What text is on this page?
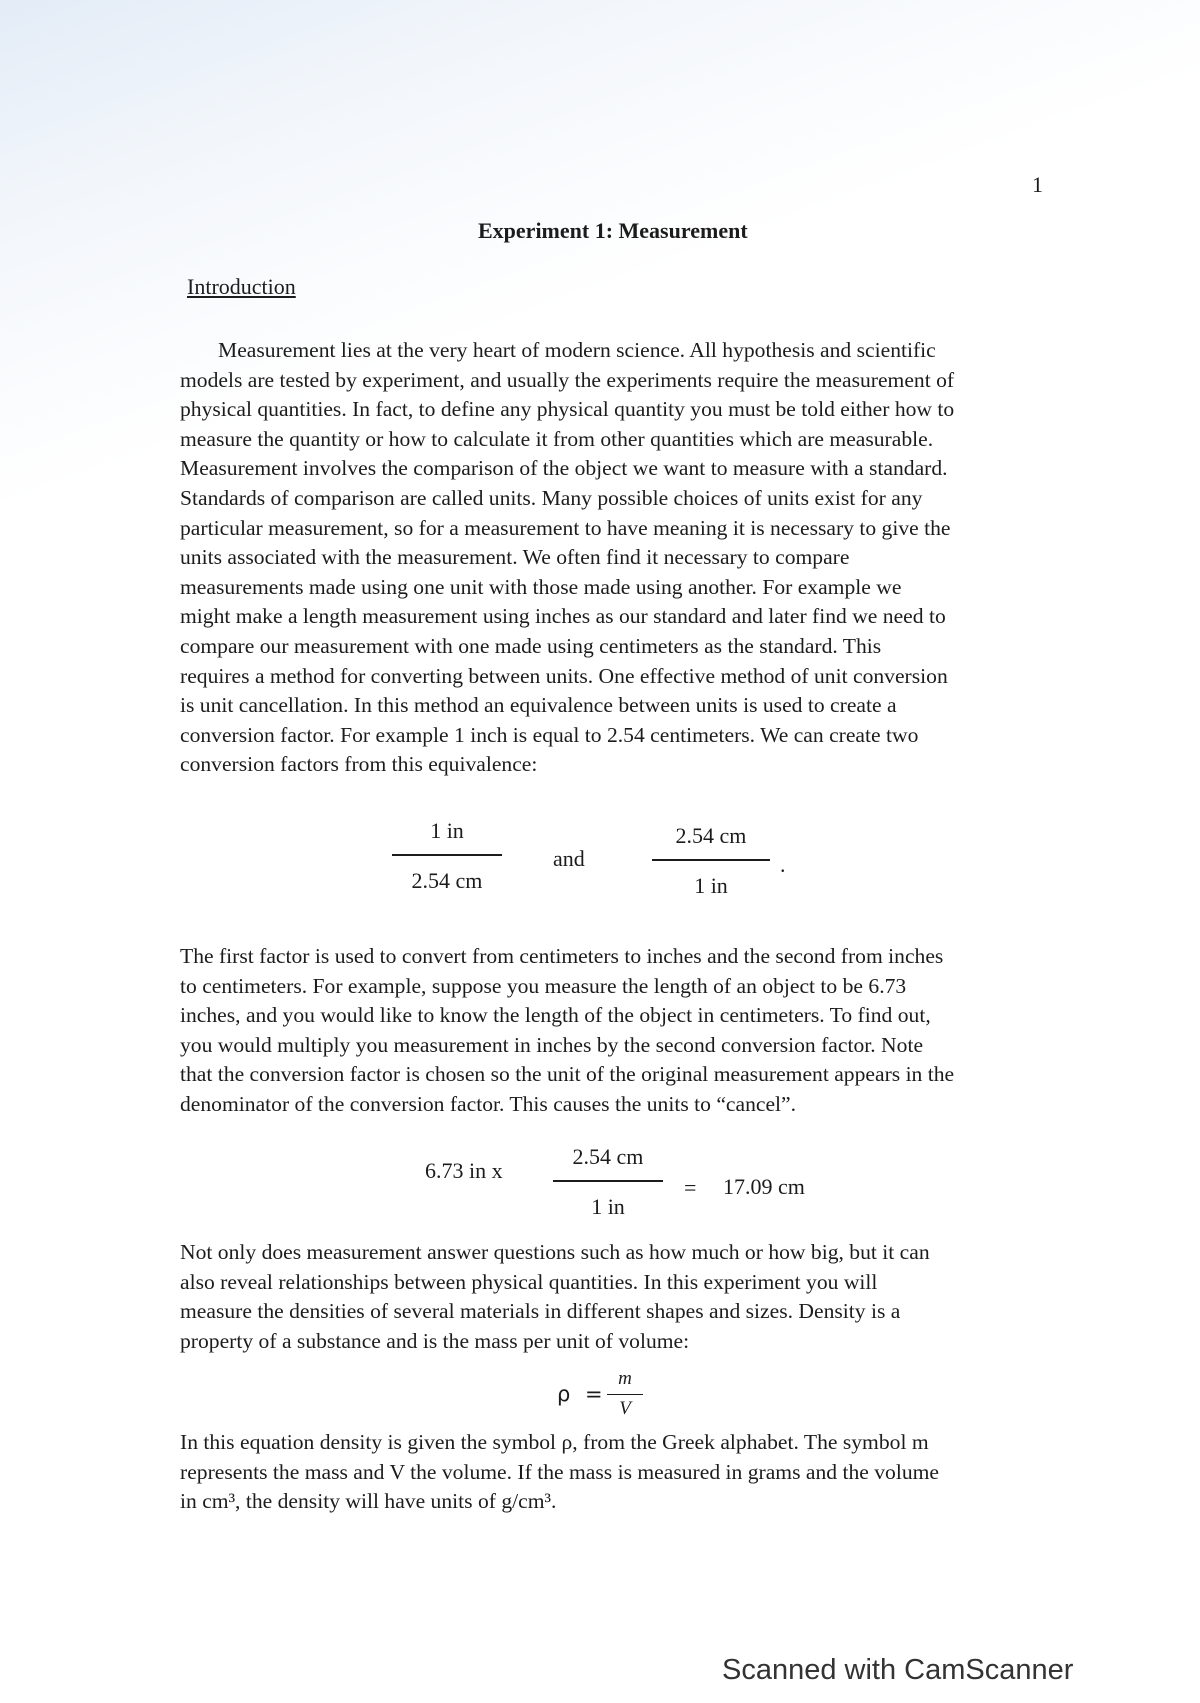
1
Experiment 1: Measurement
Introduction

Measurement lies at the very heart of modern science. All hypothesis and scientific

models are tested by experiment, and usually the experiments require the measurement of

physical quantities. In fact, to define any physical quantity you must be told either how to

measure the quantity or how to calculate it from other quantities which are measurable.

Measurement involves the comparison of the object we want to measure with a standard.

Standards of comparison are called units. Many possible choices of units exist for any

particular measurement, so for a measurement to have meaning it is necessary to give the

units associated with the measurement. We often find it necessary to compare

measurements made using one unit with those made using another. For example we

might make a length measurement using inches as our standard and later find we need to

compare our measurement with one made using centimeters as the standard. This

requires a method for converting between units. One effective method of unit conversion

is unit cancellation. In this method an equivalence between units is used to create a

conversion factor. For example 1 inch is equal to 2.54 centimeters. We can create two

conversion factors from this equivalence:

1 in
2.54 cm
and
2.54 cm
1 in
.

The first factor is used to convert from centimeters to inches and the second from inches

to centimeters. For example, suppose you measure the length of an object to be 6.73

inches, and you would like to know the length of the object in centimeters. To find out,

you would multiply you measurement in inches by the second conversion factor. Note

that the conversion factor is chosen so the unit of the original measurement appears in the

denominator of the conversion factor. This causes the units to “cancel”.

6.73 in x
2.54 cm
1 in
= 17.09 cm

Not only does measurement answer questions such as how much or how big, but it can

also reveal relationships between physical quantities. In this experiment you will

measure the densities of several materials in different shapes and sizes. Density is a

property of a substance and is the mass per unit of volume:

ρ =
m
V

In this equation density is given the symbol ρ, from the Greek alphabet. The symbol m

represents the mass and V the volume. If the mass is measured in grams and the volume

in cm³, the density will have units of g/cm³.

Scanned with CamScanner
